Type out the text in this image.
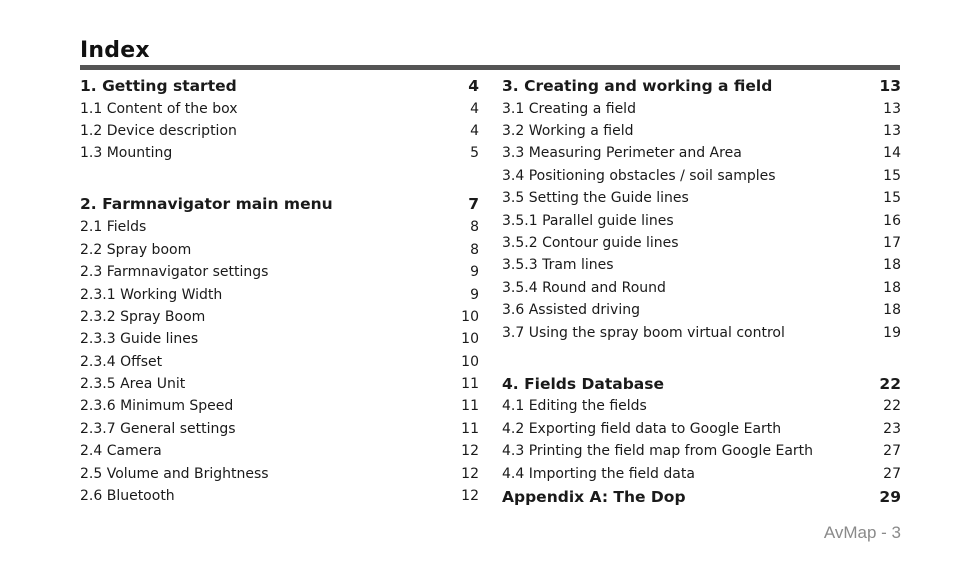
Index
1. Getting started	4
1.1 Content of the box	4
1.2 Device description	4
1.3 Mounting	5
2. Farmnavigator main menu	7
2.1 Fields	8
2.2 Spray boom	8
2.3 Farmnavigator settings	9
2.3.1 Working Width	9
2.3.2 Spray Boom	10
2.3.3 Guide lines	10
2.3.4 Offset	10
2.3.5 Area Unit	11
2.3.6 Minimum Speed	11
2.3.7 General settings	11
2.4 Camera	12
2.5 Volume and Brightness	12
2.6 Bluetooth	12
3. Creating and working a field	13
3.1 Creating a field	13
3.2 Working a field	13
3.3 Measuring Perimeter and Area	14
3.4 Positioning obstacles / soil samples	15
3.5 Setting the Guide lines	15
3.5.1 Parallel guide lines	16
3.5.2 Contour guide lines	17
3.5.3 Tram lines	18
3.5.4 Round and Round	18
3.6 Assisted driving	18
3.7 Using the spray boom virtual control	19
4. Fields Database	22
4.1 Editing the fields	22
4.2 Exporting field data to Google Earth	23
4.3 Printing the field map from Google Earth	27
4.4 Importing the field data	27
Appendix A: The Dop	29
AvMap - 3
